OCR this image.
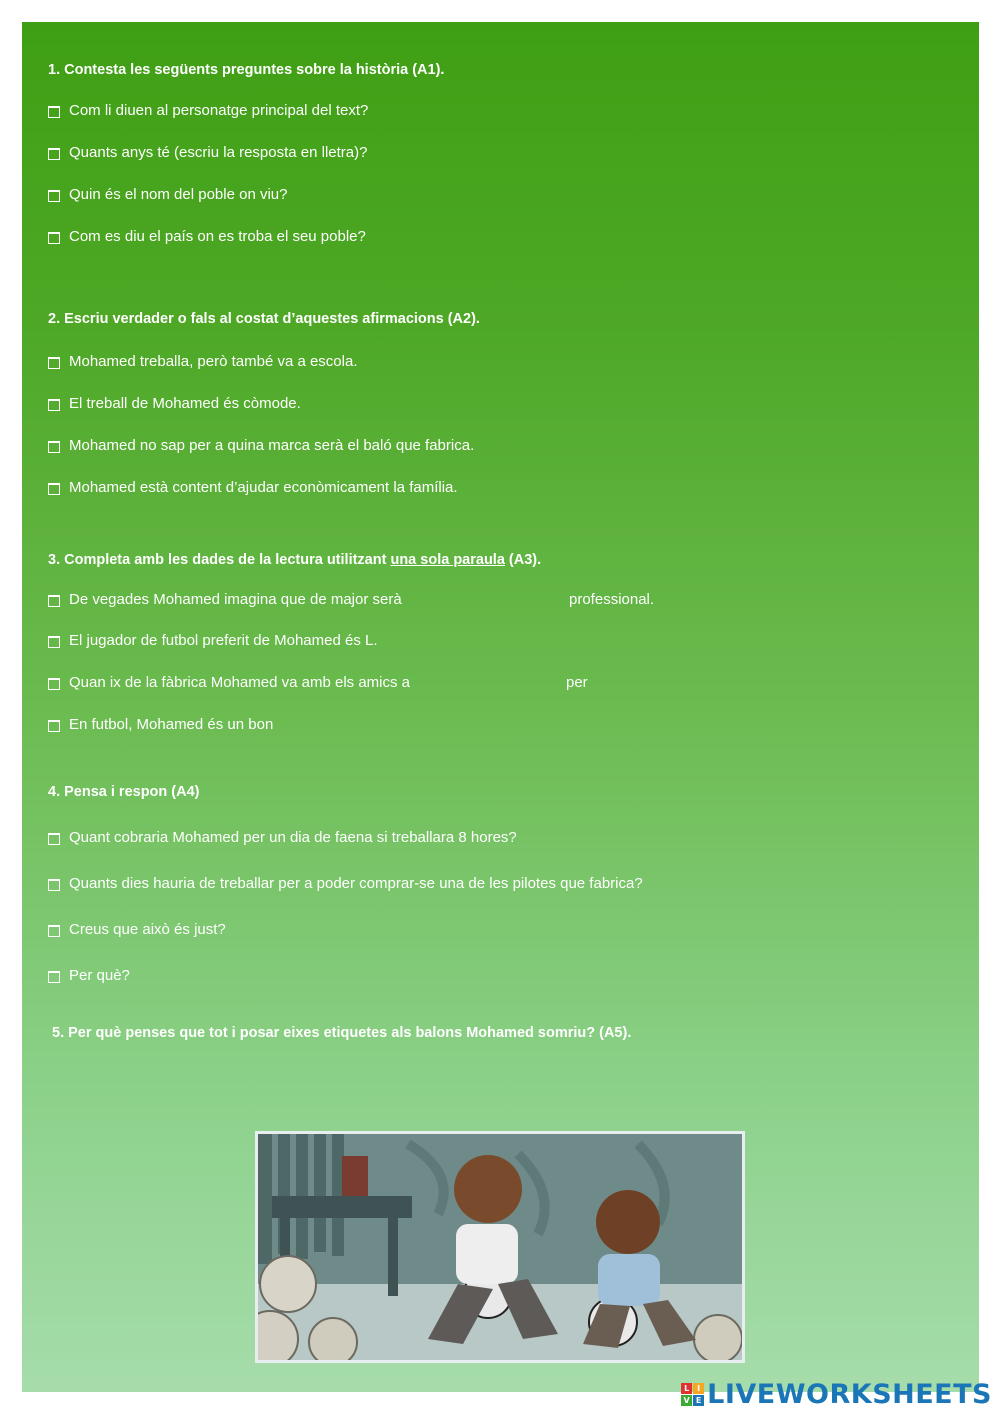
1. Contesta les següents preguntes sobre la història (A1).
Com li diuen al personatge principal del text?
Quants anys té (escriu la resposta en lletra)?
Quin és el nom del poble on viu?
Com es diu el país on es troba el seu poble?
2. Escriu verdader o fals al costat d’aquestes afirmacions (A2).
Mohamed treballa, però també va a escola.
El treball de Mohamed és còmode.
Mohamed no sap per a quina marca serà el baló que fabrica.
Mohamed està content d’ajudar econòmicament la família.
3. Completa amb les dades de la lectura utilitzant una sola paraula (A3).
De vegades Mohamed imagina que de major serà	professional.
El jugador de futbol preferit de Mohamed és L.
Quan ix de la fàbrica Mohamed va amb els amics a	per
En futbol, Mohamed és un bon
4. Pensa i respon (A4)
Quant cobraria Mohamed per un dia de faena si treballara 8 hores?
Quants dies hauria de treballar per a poder comprar-se una de les pilotes que fabrica?
Creus que això és just?
Per què?
5. Per què penses que tot i posar eixes etiquetes als balons Mohamed somriu? (A5).
L I
V E LIVEWORKSHEETS
